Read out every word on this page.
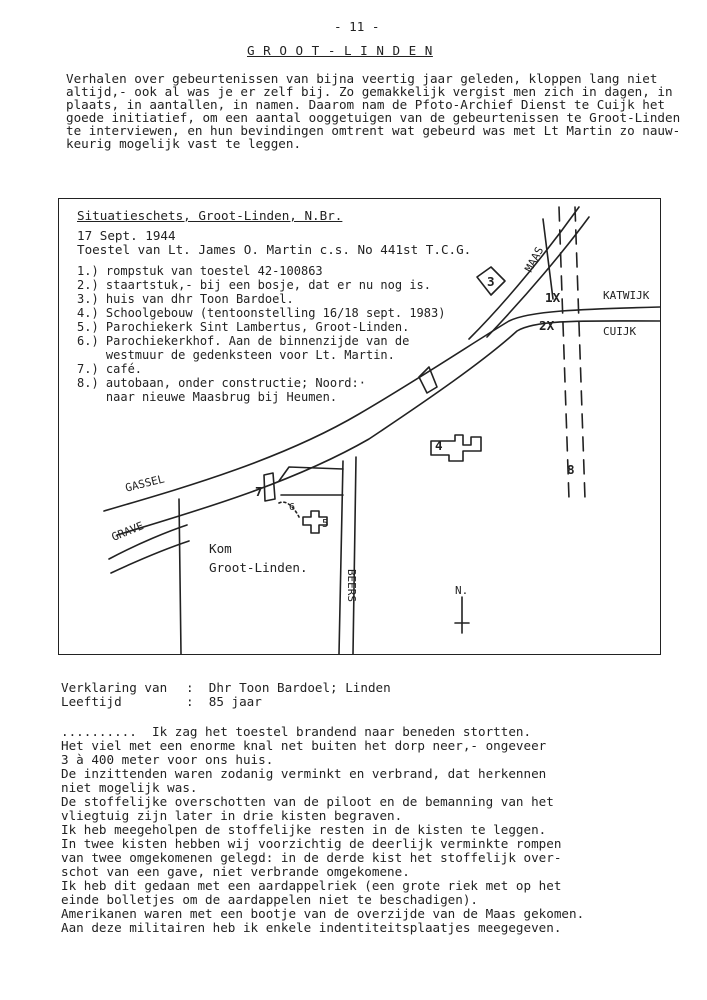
- 11 -
G R O O T - L I N D E N

Verhalen over gebeurtenissen van bijna veertig jaar geleden, kloppen lang niet

altijd,- ook al was je er zelf bij. Zo gemakkelijk vergist men zich in dagen, in

plaats, in aantallen, in namen. Daarom nam de Pfoto-Archief Dienst te Cuijk het

goede initiatief, om een aantal ooggetuigen van de gebeurtenissen te Groot-Linden

te interviewen, en hun bevindingen omtrent wat gebeurd was met Lt Martin zo nauw-

keurig mogelijk vast te leggen.

Situatieschets, Groot-Linden, N.Br.

17 Sept. 1944

Toestel van Lt. James O. Martin c.s. No 441st T.C.G.

1.) rompstuk van toestel 42-100863

2.) staartstuk,- bij een bosje, dat er nu nog is.

3.) huis van dhr Toon Bardoel.

4.) Schoolgebouw (tentoonstelling 16/18 sept. 1983)

5.) Parochiekerk Sint Lambertus, Groot-Linden.

6.) Parochiekerkhof. Aan de binnenzijde van de

westmuur de gedenksteen voor Lt. Martin.

7.) café.

8.) autobaan, onder constructie; Noord:·

naar nieuwe Maasbrug bij Heumen.

MAAS
KATWIJK
CUIJK
GASSEL
GRAVE
BEERS
Kom
Groot-Linden.
N.
1X
2X
3
4
5
6
7
8

Verklaring van :  Dhr Toon Bardoel; Linden

Leeftijd	:  85 jaar

..........  Ik zag het toestel brandend naar beneden stortten.

Het viel met een enorme knal net buiten het dorp neer,- ongeveer

3 à 400 meter voor ons huis.

De inzittenden waren zodanig verminkt en verbrand, dat herkennen

niet mogelijk was.

De stoffelijke overschotten van de piloot en de bemanning van het

vliegtuig zijn later in drie kisten begraven.

Ik heb meegeholpen de stoffelijke resten in de kisten te leggen.

In twee kisten hebben wij voorzichtig de deerlijk verminkte rompen

van twee omgekomenen gelegd: in de derde kist het stoffelijk over-

schot van een gave, niet verbrande omgekomene.

Ik heb dit gedaan met een aardappelriek (een grote riek met op het

einde bolletjes om de aardappelen niet te beschadigen).

Amerikanen waren met een bootje van de overzijde van de Maas gekomen.

Aan deze militairen heb ik enkele indentiteitsplaatjes meegegeven.
